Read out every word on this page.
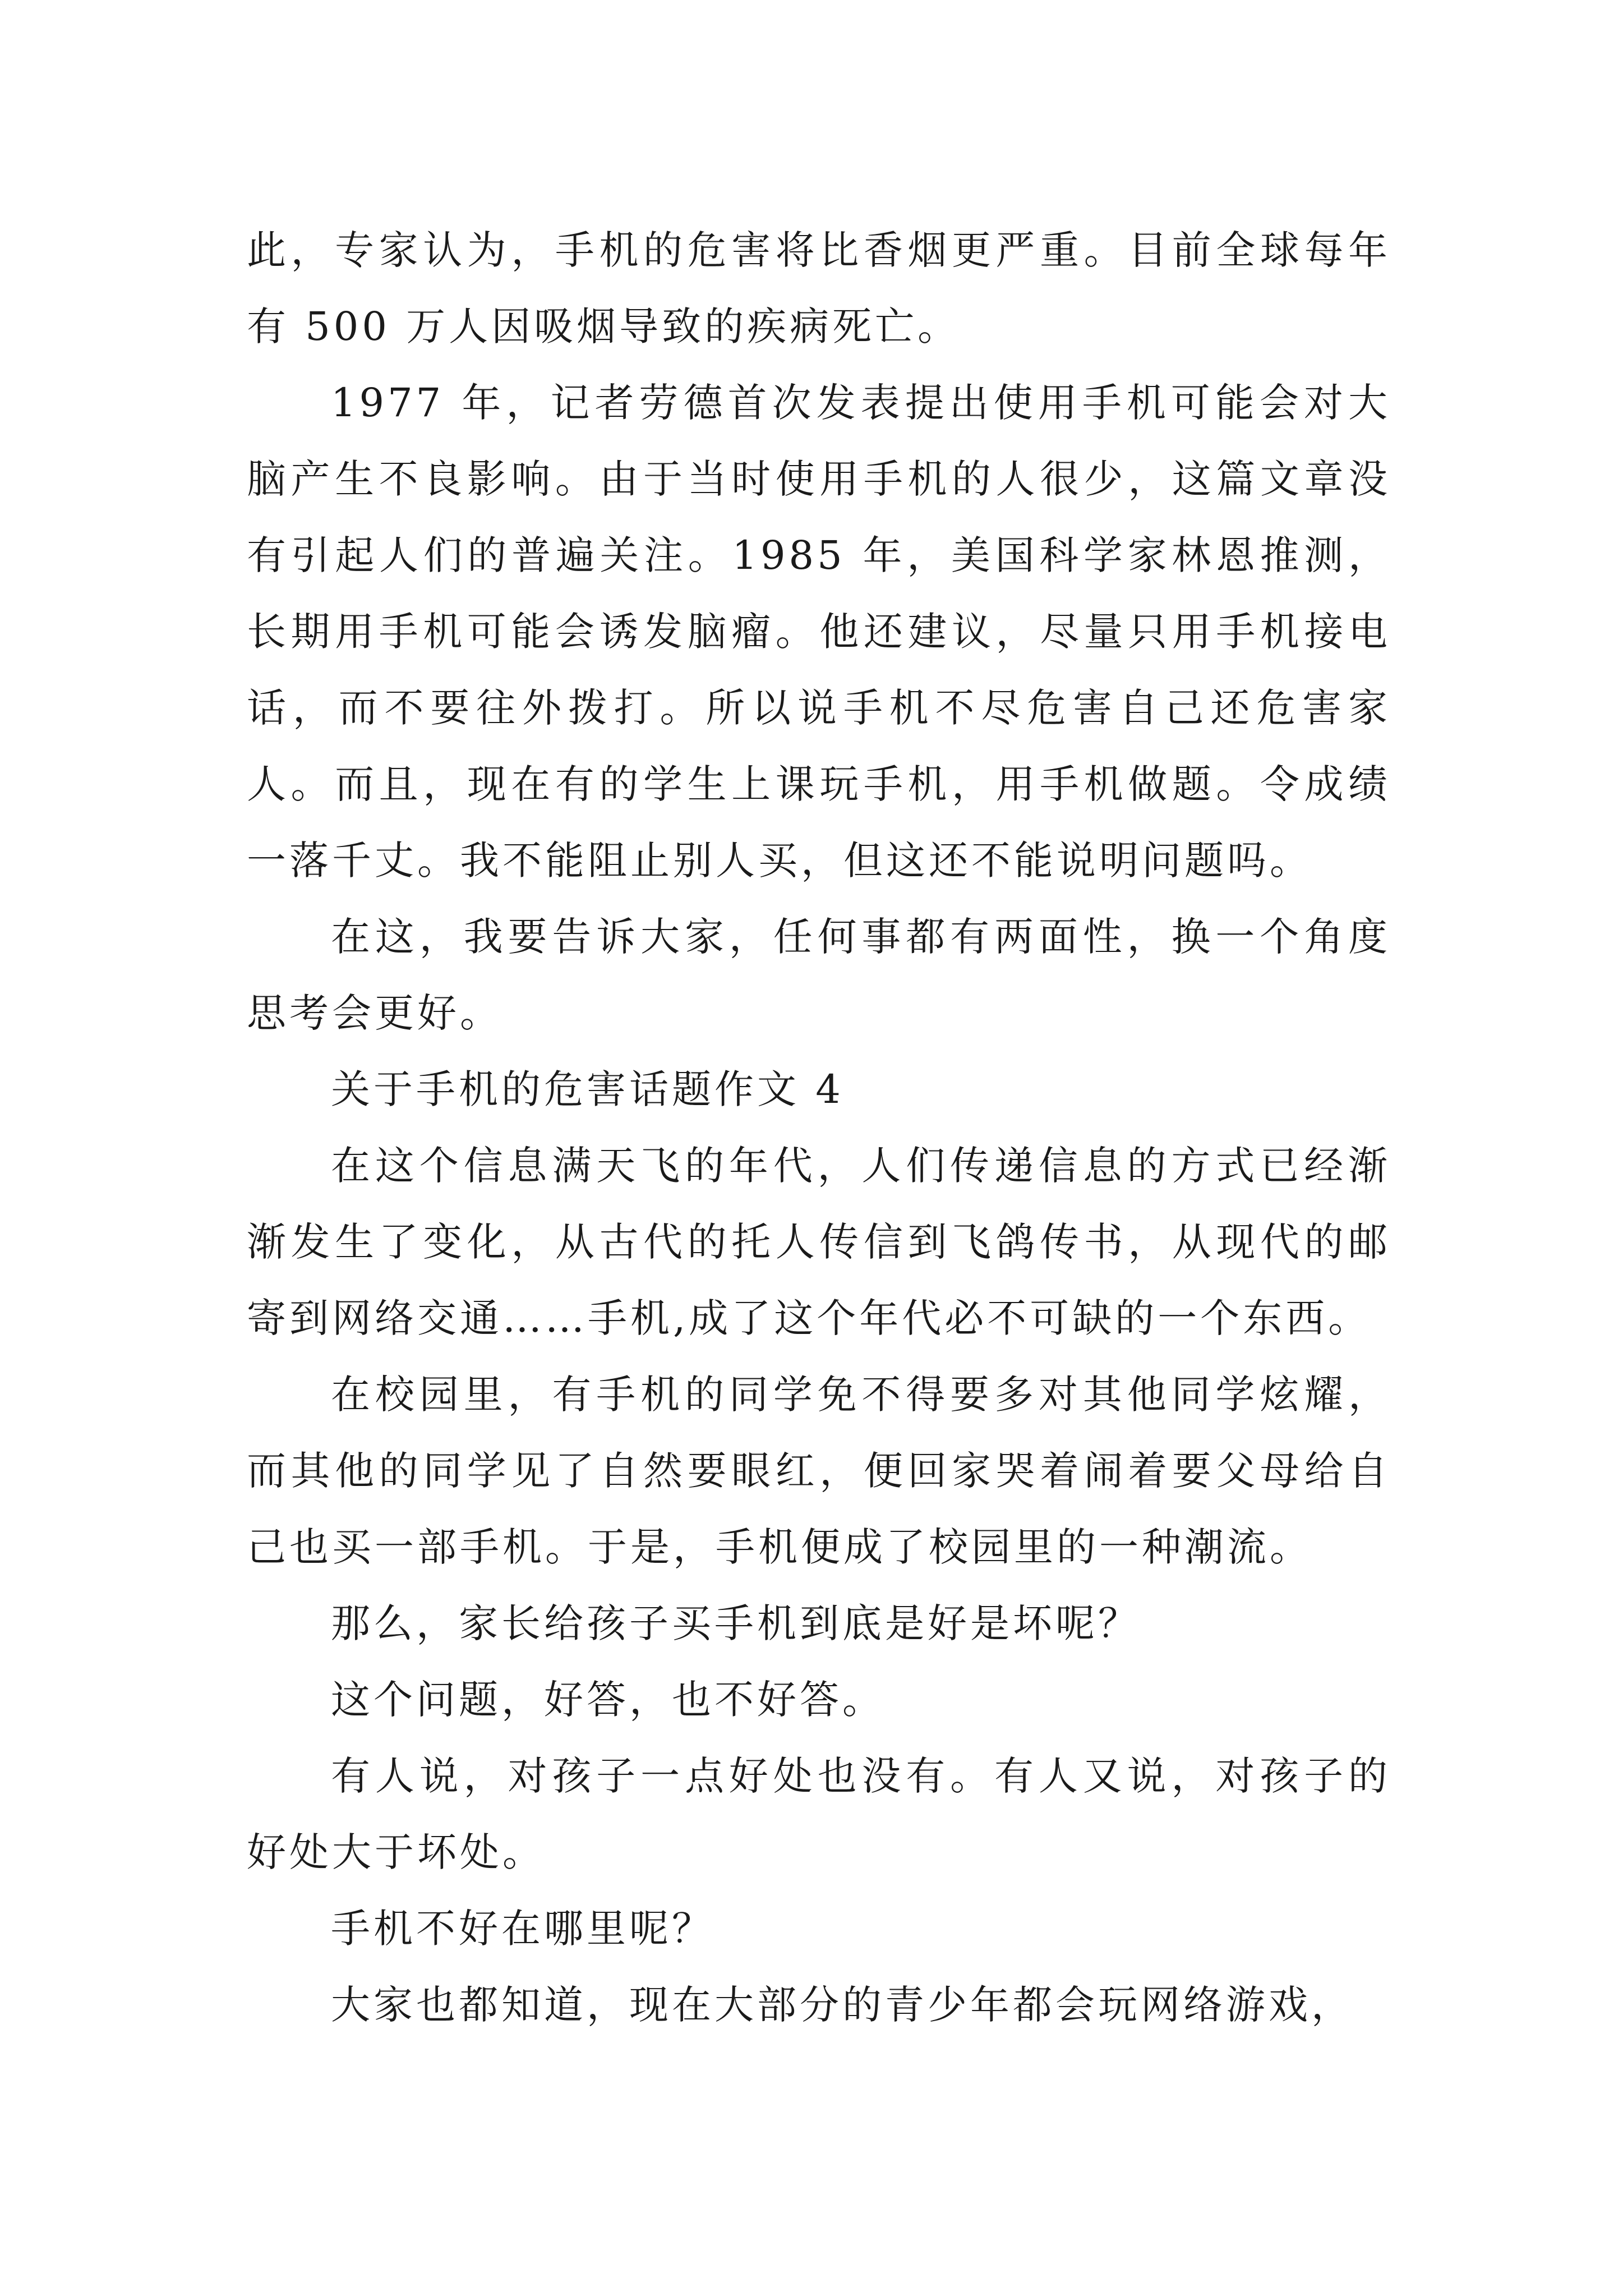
此，专家认为，手机的危害将比香烟更严重。目前全球每年有 500 万人因吸烟导致的疾病死亡。

1977 年，记者劳德首次发表提出使用手机可能会对大脑产生不良影响。由于当时使用手机的人很少，这篇文章没有引起人们的普遍关注。1985 年，美国科学家林恩推测，长期用手机可能会诱发脑瘤。他还建议，尽量只用手机接电话，而不要往外拨打。所以说手机不尽危害自己还危害家人。而且，现在有的学生上课玩手机，用手机做题。令成绩一落千丈。我不能阻止别人买，但这还不能说明问题吗。

在这，我要告诉大家，任何事都有两面性，换一个角度思考会更好。

关于手机的危害话题作文 4

在这个信息满天飞的年代，人们传递信息的方式已经渐渐发生了变化，从古代的托人传信到飞鸽传书，从现代的邮寄到网络交通……手机,成了这个年代必不可缺的一个东西。

在校园里，有手机的同学免不得要多对其他同学炫耀，而其他的同学见了自然要眼红，便回家哭着闹着要父母给自己也买一部手机。于是，手机便成了校园里的一种潮流。

那么，家长给孩子买手机到底是好是坏呢？

这个问题，好答，也不好答。

有人说，对孩子一点好处也没有。有人又说，对孩子的好处大于坏处。

手机不好在哪里呢？

大家也都知道，现在大部分的青少年都会玩网络游戏，
